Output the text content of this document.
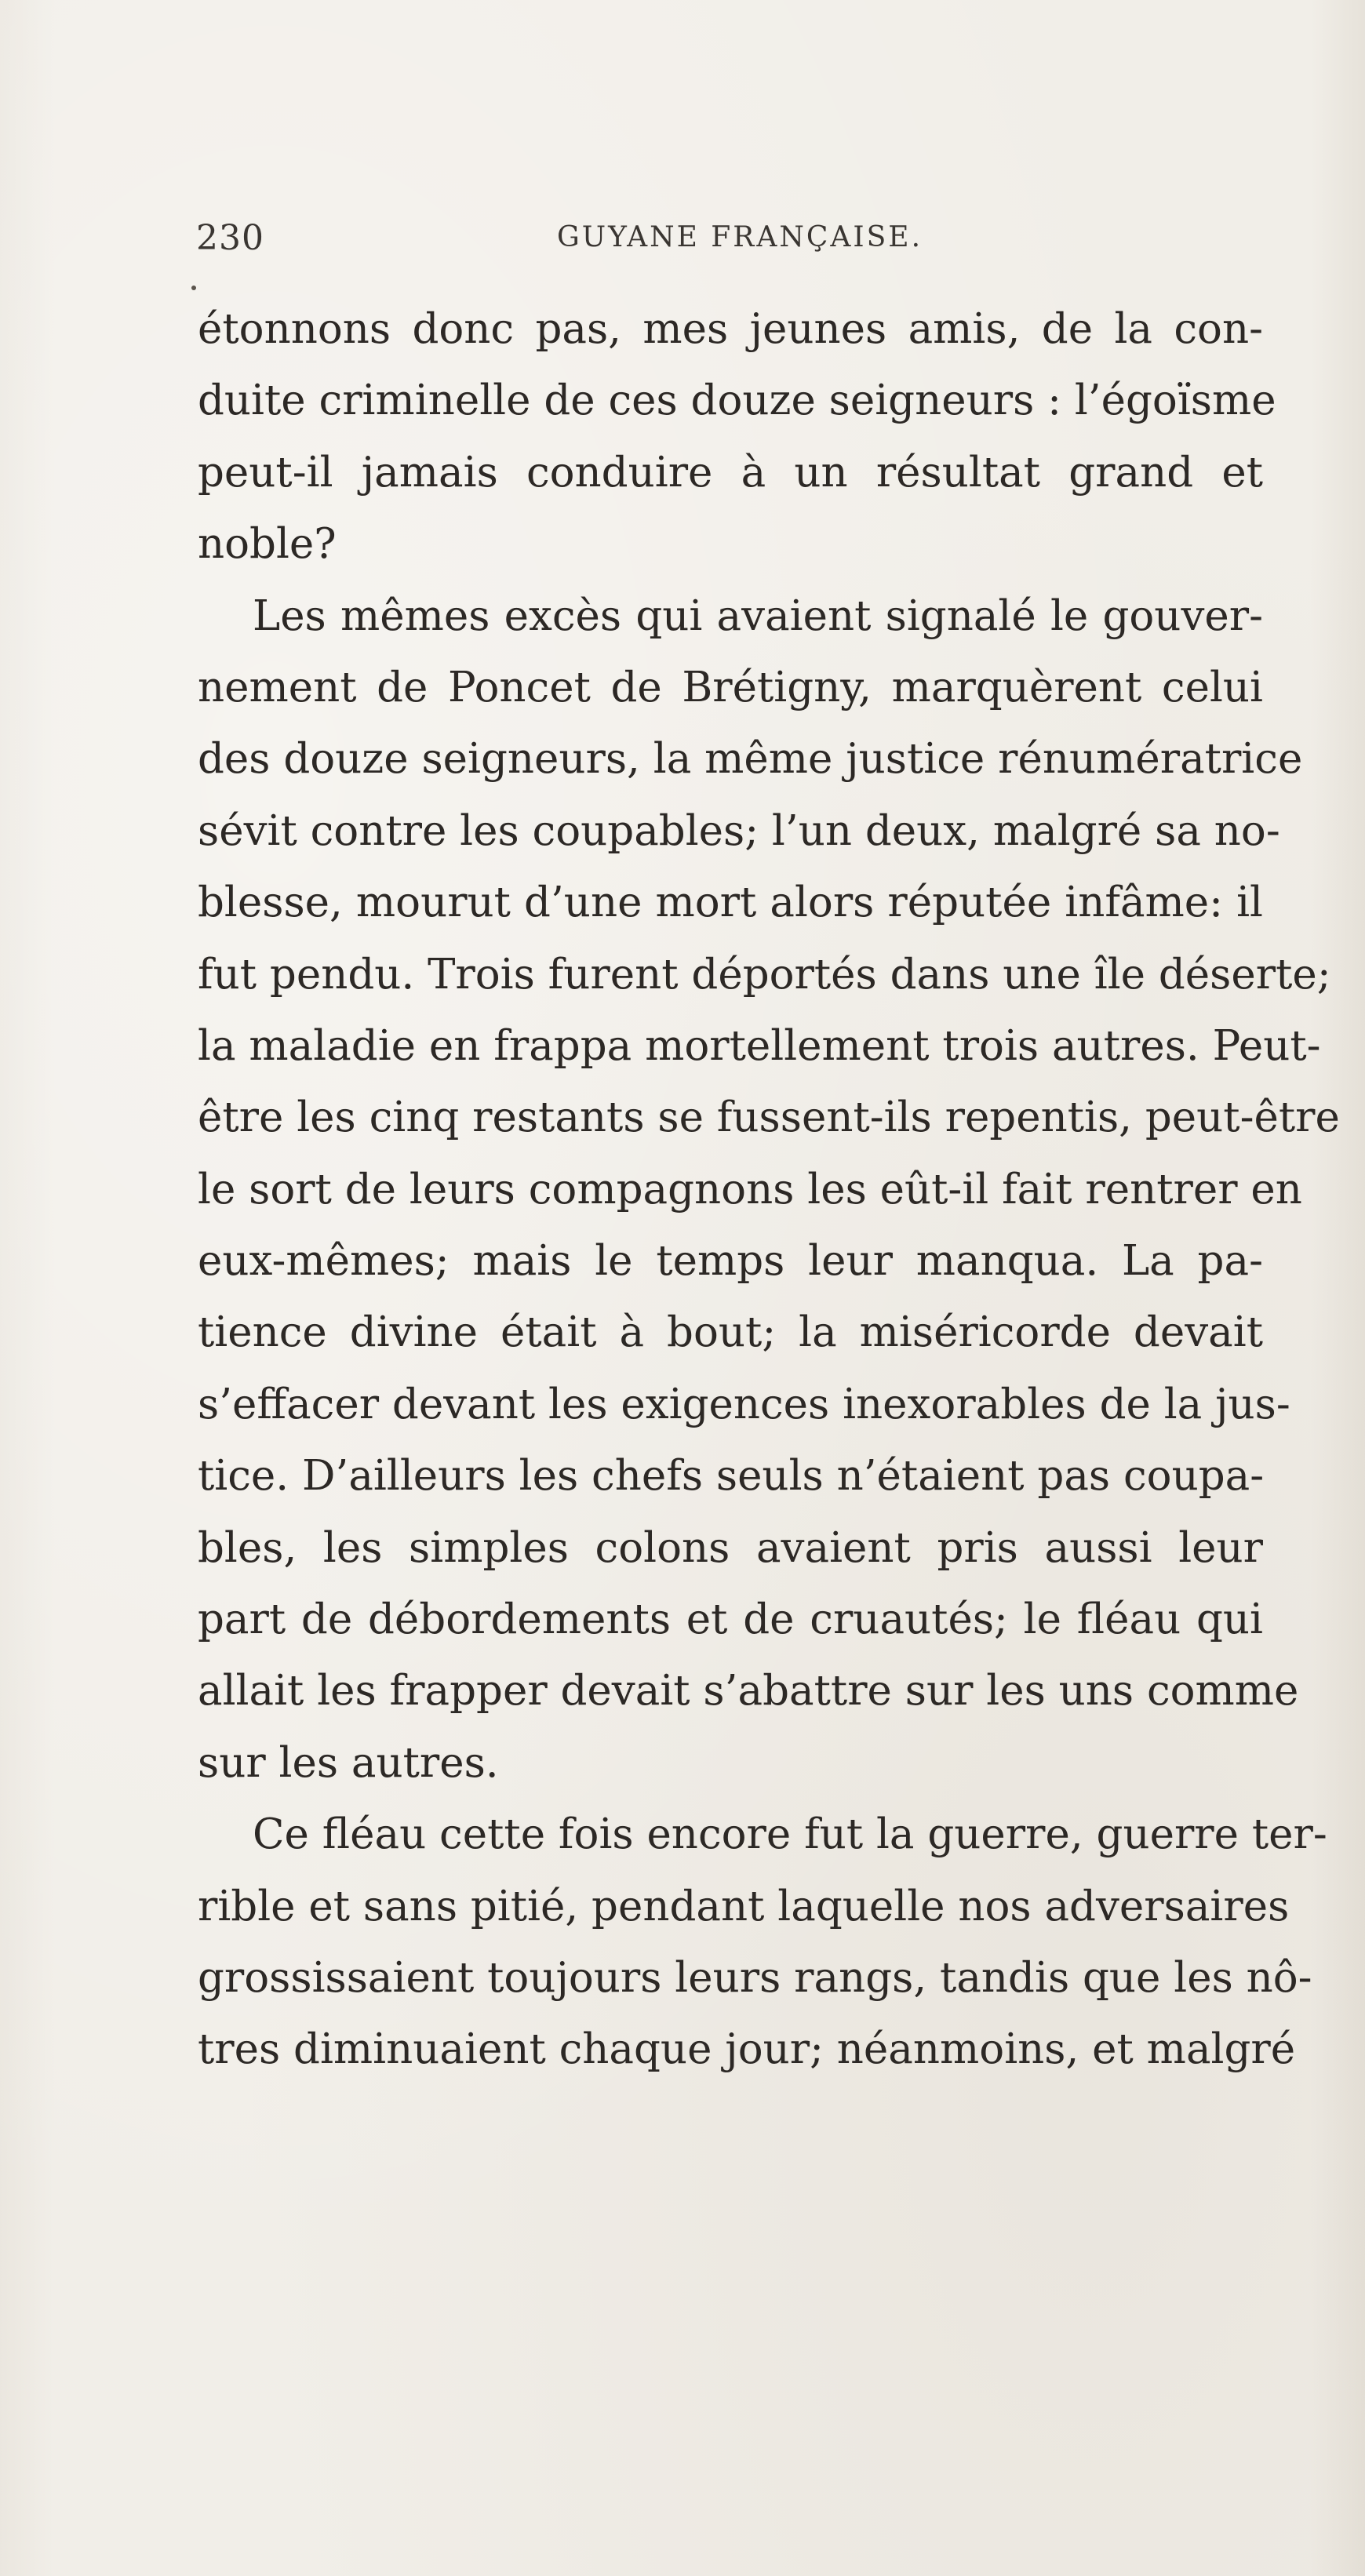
230	GUYANE FRANÇAISE.
étonnons donc pas, mes jeunes amis, de la con-
duite criminelle de ces douze seigneurs : l’égoïsme
peut-il jamais conduire à un résultat grand et
noble?
Les mêmes excès qui avaient signalé le gouver-
nement de Poncet de Brétigny, marquèrent celui
des douze seigneurs, la même justice rénumératrice
sévit contre les coupables; l’un deux, malgré sa no-
blesse, mourut d’une mort alors réputée infâme: il
fut pendu. Trois furent déportés dans une île déserte;
la maladie en frappa mortellement trois autres. Peut-
être les cinq restants se fussent-ils repentis, peut-être
le sort de leurs compagnons les eût-il fait rentrer en
eux-mêmes; mais le temps leur manqua. La pa-
tience divine était à bout; la miséricorde devait
s’effacer devant les exigences inexorables de la jus-
tice. D’ailleurs les chefs seuls n’étaient pas coupa-
bles, les simples colons avaient pris aussi leur
part de débordements et de cruautés; le fléau qui
allait les frapper devait s’abattre sur les uns comme
sur les autres.
Ce fléau cette fois encore fut la guerre, guerre ter-
rible et sans pitié, pendant laquelle nos adversaires
grossissaient toujours leurs rangs, tandis que les nô-
tres diminuaient chaque jour; néanmoins, et malgré
